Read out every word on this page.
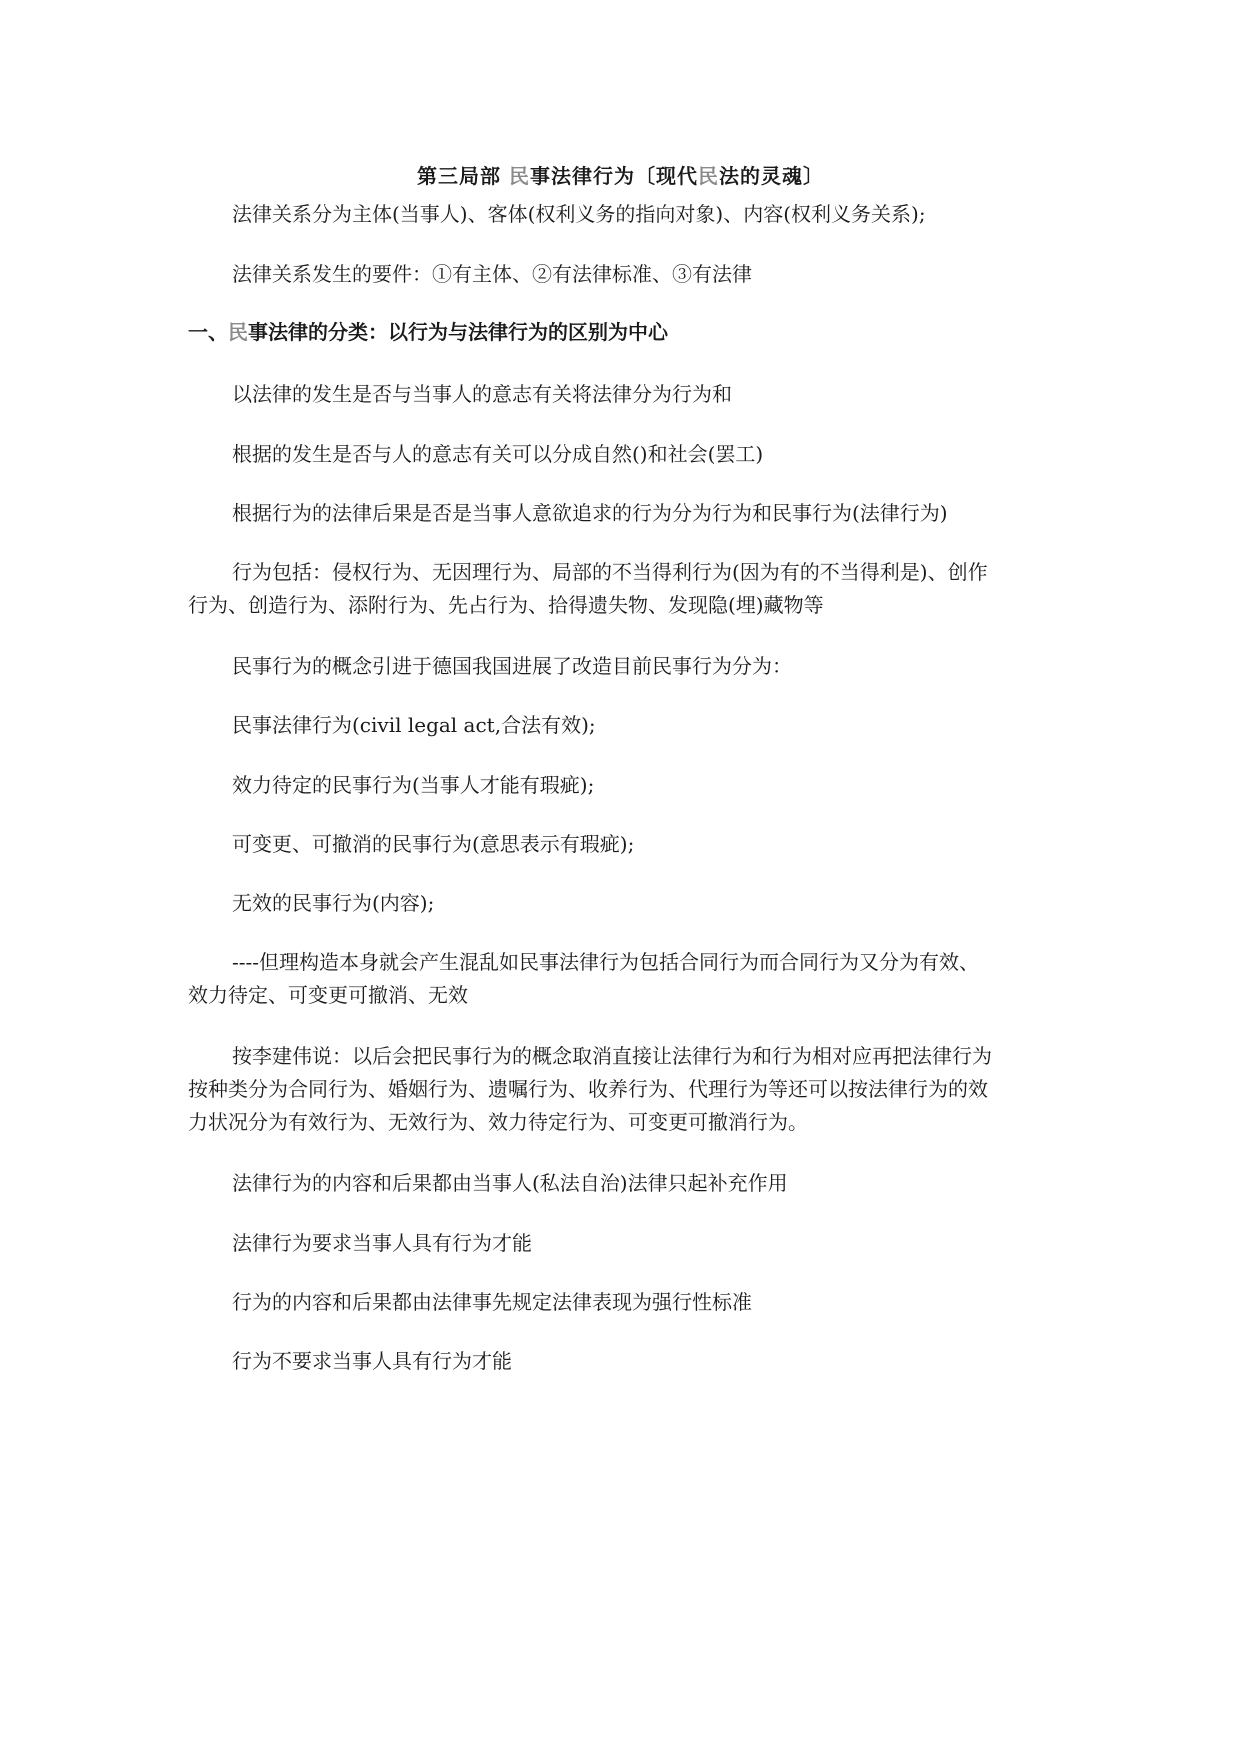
第三局部 民事法律行为〔现代民法的灵魂〕
法律关系分为主体(当事人)、客体(权利义务的指向对象)、内容(权利义务关系);
法律关系发生的要件：①有主体、②有法律标准、③有法律
一、民事法律的分类：以行为与法律行为的区别为中心
以法律的发生是否与当事人的意志有关将法律分为行为和
根据的发生是否与人的意志有关可以分成自然()和社会(罢工)
根据行为的法律后果是否是当事人意欲追求的行为分为行为和民事行为(法律行为)
行为包括：侵权行为、无因理行为、局部的不当得利行为(因为有的不当得利是)、创作
行为、创造行为、添附行为、先占行为、拾得遗失物、发现隐(埋)藏物等
民事行为的概念引进于德国我国进展了改造目前民事行为分为：
民事法律行为(civil legal act,合法有效);
效力待定的民事行为(当事人才能有瑕疵);
可变更、可撤消的民事行为(意思表示有瑕疵);
无效的民事行为(内容);
----但理构造本身就会产生混乱如民事法律行为包括合同行为而合同行为又分为有效、
效力待定、可变更可撤消、无效
按李建伟说：以后会把民事行为的概念取消直接让法律行为和行为相对应再把法律行为
按种类分为合同行为、婚姻行为、遗嘱行为、收养行为、代理行为等还可以按法律行为的效
力状况分为有效行为、无效行为、效力待定行为、可变更可撤消行为。
法律行为的内容和后果都由当事人(私法自治)法律只起补充作用
法律行为要求当事人具有行为才能
行为的内容和后果都由法律事先规定法律表现为强行性标准
行为不要求当事人具有行为才能
